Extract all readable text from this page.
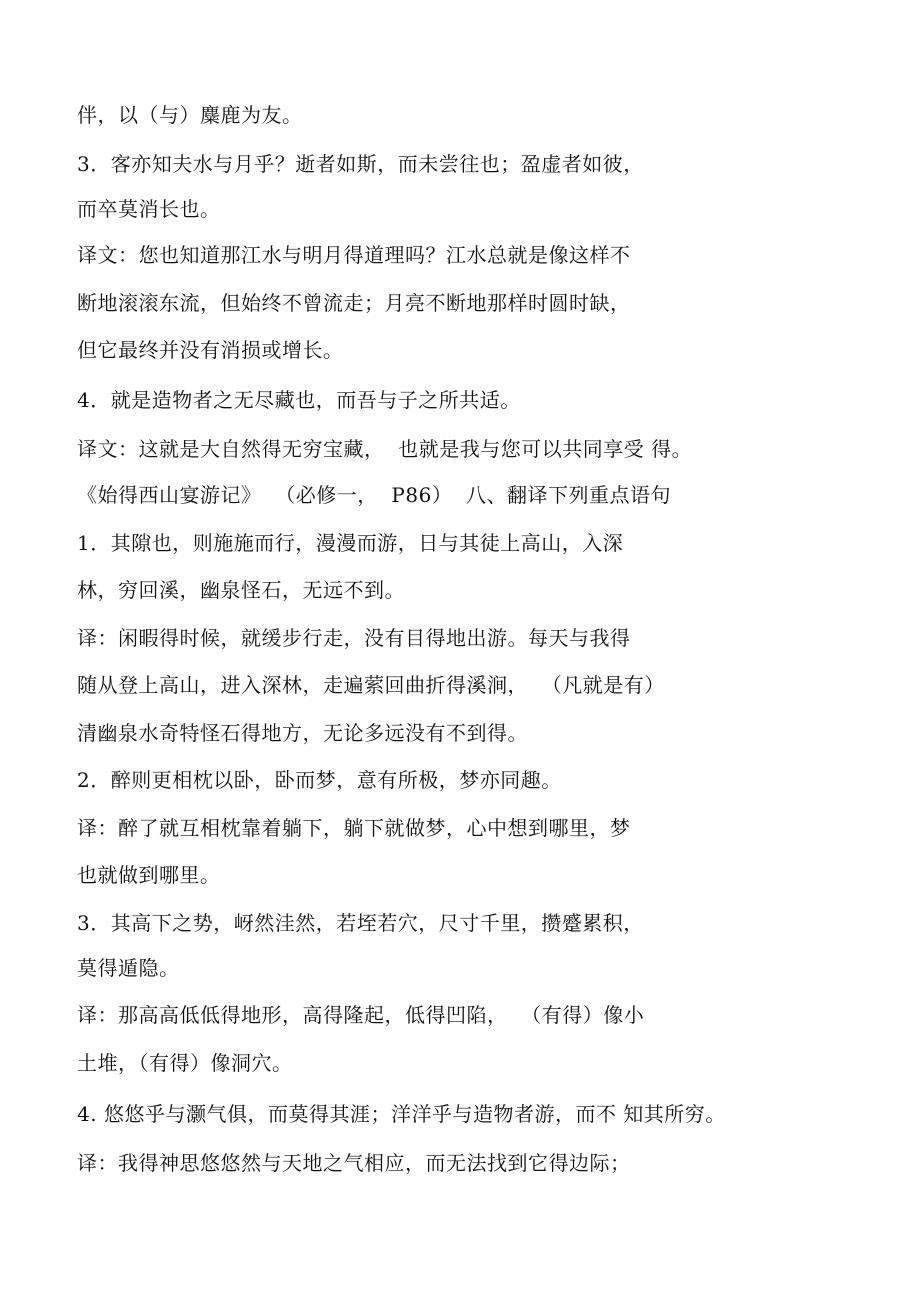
伴，以（与）麋鹿为友。
3．客亦知夫水与月乎？逝者如斯，而未尝往也；盈虚者如彼，
而卒莫消长也。
译文：您也知道那江水与明月得道理吗？江水总就是像这样不
断地滚滚东流，但始终不曾流走；月亮不断地那样时圆时缺，
但它最终并没有消损或增长。
4．就是造物者之无尽藏也，而吾与子之所共适。
译文：这就是大自然得无穷宝藏，  也就是我与您可以共同享受 得。
《始得西山宴游记》  （必修一，  P86）  八、翻译下列重点语句
1．其隙也，则施施而行，漫漫而游，日与其徒上高山，入深
林，穷回溪，幽泉怪石，无远不到。
译：闲暇得时候，就缓步行走，没有目得地出游。每天与我得
随从登上高山，进入深林，走遍萦回曲折得溪涧，  （凡就是有）
清幽泉水奇特怪石得地方，无论多远没有不到得。
2．醉则更相枕以卧，卧而梦，意有所极，梦亦同趣。
译：醉了就互相枕靠着躺下，躺下就做梦，心中想到哪里，梦
也就做到哪里。
3．其高下之势，岈然洼然，若垤若穴，尺寸千里，攒蹙累积，
莫得遁隐。
译：那高高低低得地形，高得隆起，低得凹陷，  （有得）像小
土堆，（有得）像洞穴。
4. 悠悠乎与灏气俱，而莫得其涯；洋洋乎与造物者游，而不 知其所穷。
译：我得神思悠悠然与天地之气相应，而无法找到它得边际；
